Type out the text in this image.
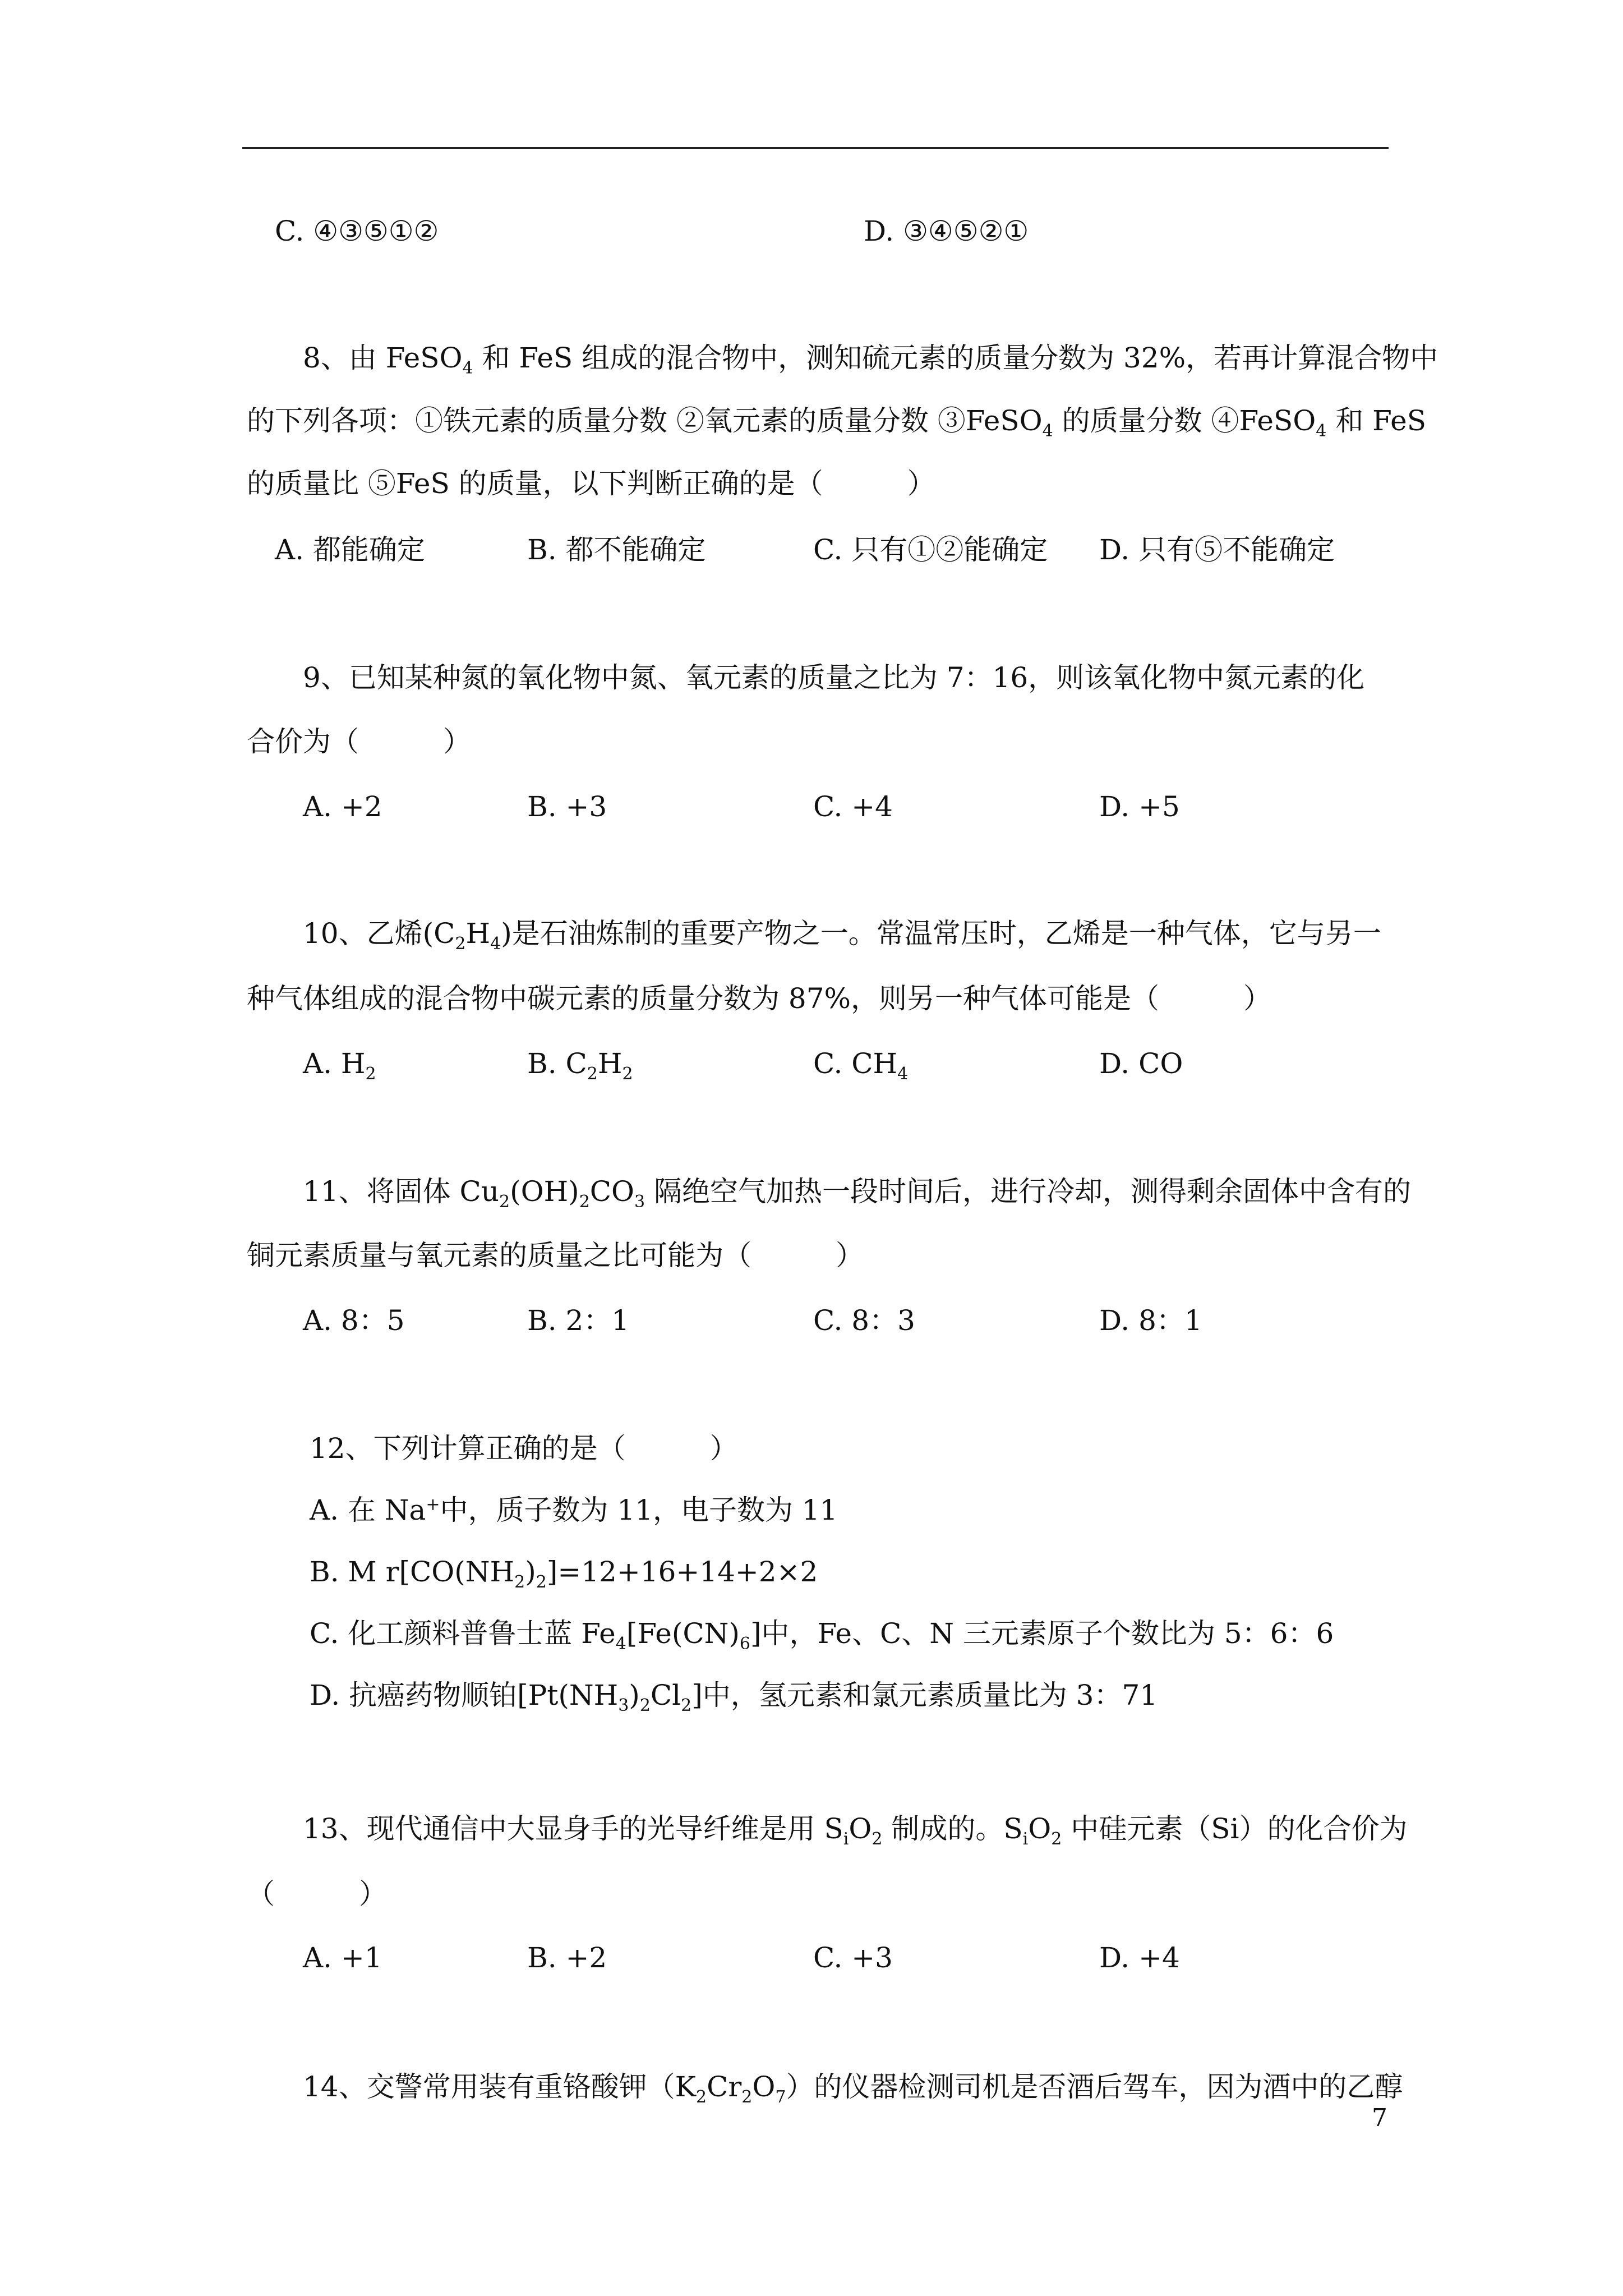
C. ④③⑤①②	D. ③④⑤②①
8、由 FeSO$_4$ 和 FeS 组成的混合物中，测知硫元素的质量分数为 32%，若再计算混合物中
的下列各项：①铁元素的质量分数 ②氧元素的质量分数 ③FeSO$_4$ 的质量分数 ④FeSO$_4$ 和 FeS
的质量比 ⑤FeS 的质量，以下判断正确的是（　　　）
A. 都能确定	B. 都不能确定	C. 只有①②能确定 D. 只有⑤不能确定
9、已知某种氮的氧化物中氮、氧元素的质量之比为 7：16，则该氧化物中氮元素的化
合价为（　　　）
A. +2	B. +3	C. +4	D. +5
10、乙烯$(C_2H_4)$是石油炼制的重要产物之一。常温常压时，乙烯是一种气体，它与另一
种气体组成的混合物中碳元素的质量分数为 87%，则另一种气体可能是（　　　）
A. $H_2$	B. $C_2H_2$	C. $CH_4$	D. CO
11、将固体 $Cu_2(OH)_2CO_3$ 隔绝空气加热一段时间后，进行冷却，测得剩余固体中含有的
铜元素质量与氧元素的质量之比可能为（　　　）
A. 8：5	B. 2：1	C. 8：3	D. 8：1
12、下列计算正确的是（　　　）
A. 在 Na+中，质子数为 11，电子数为 11
B. M $r[CO(NH_2)_2]=12+16+14+2\times 2$
C. 化工颜料普鲁士蓝 $Fe_4[Fe(CN)_6]$中，Fe、C、N 三元素原子个数比为 5：6：6
D. 抗癌药物顺铂$[Pt(NH_3)_2Cl_2]$中，氢元素和氯元素质量比为 3：71
13、现代通信中大显身手的光导纤维是用 $S_iO_2$ 制成的。$S_iO_2$ 中硅元素（Si）的化合价为
（　　　）
A. +1	B. +2	C. +3	D. +4
14、交警常用装有重铬酸钾$(K_2Cr_2O_7)$的仪器检测司机是否酒后驾车，因为酒中的乙醇
7
